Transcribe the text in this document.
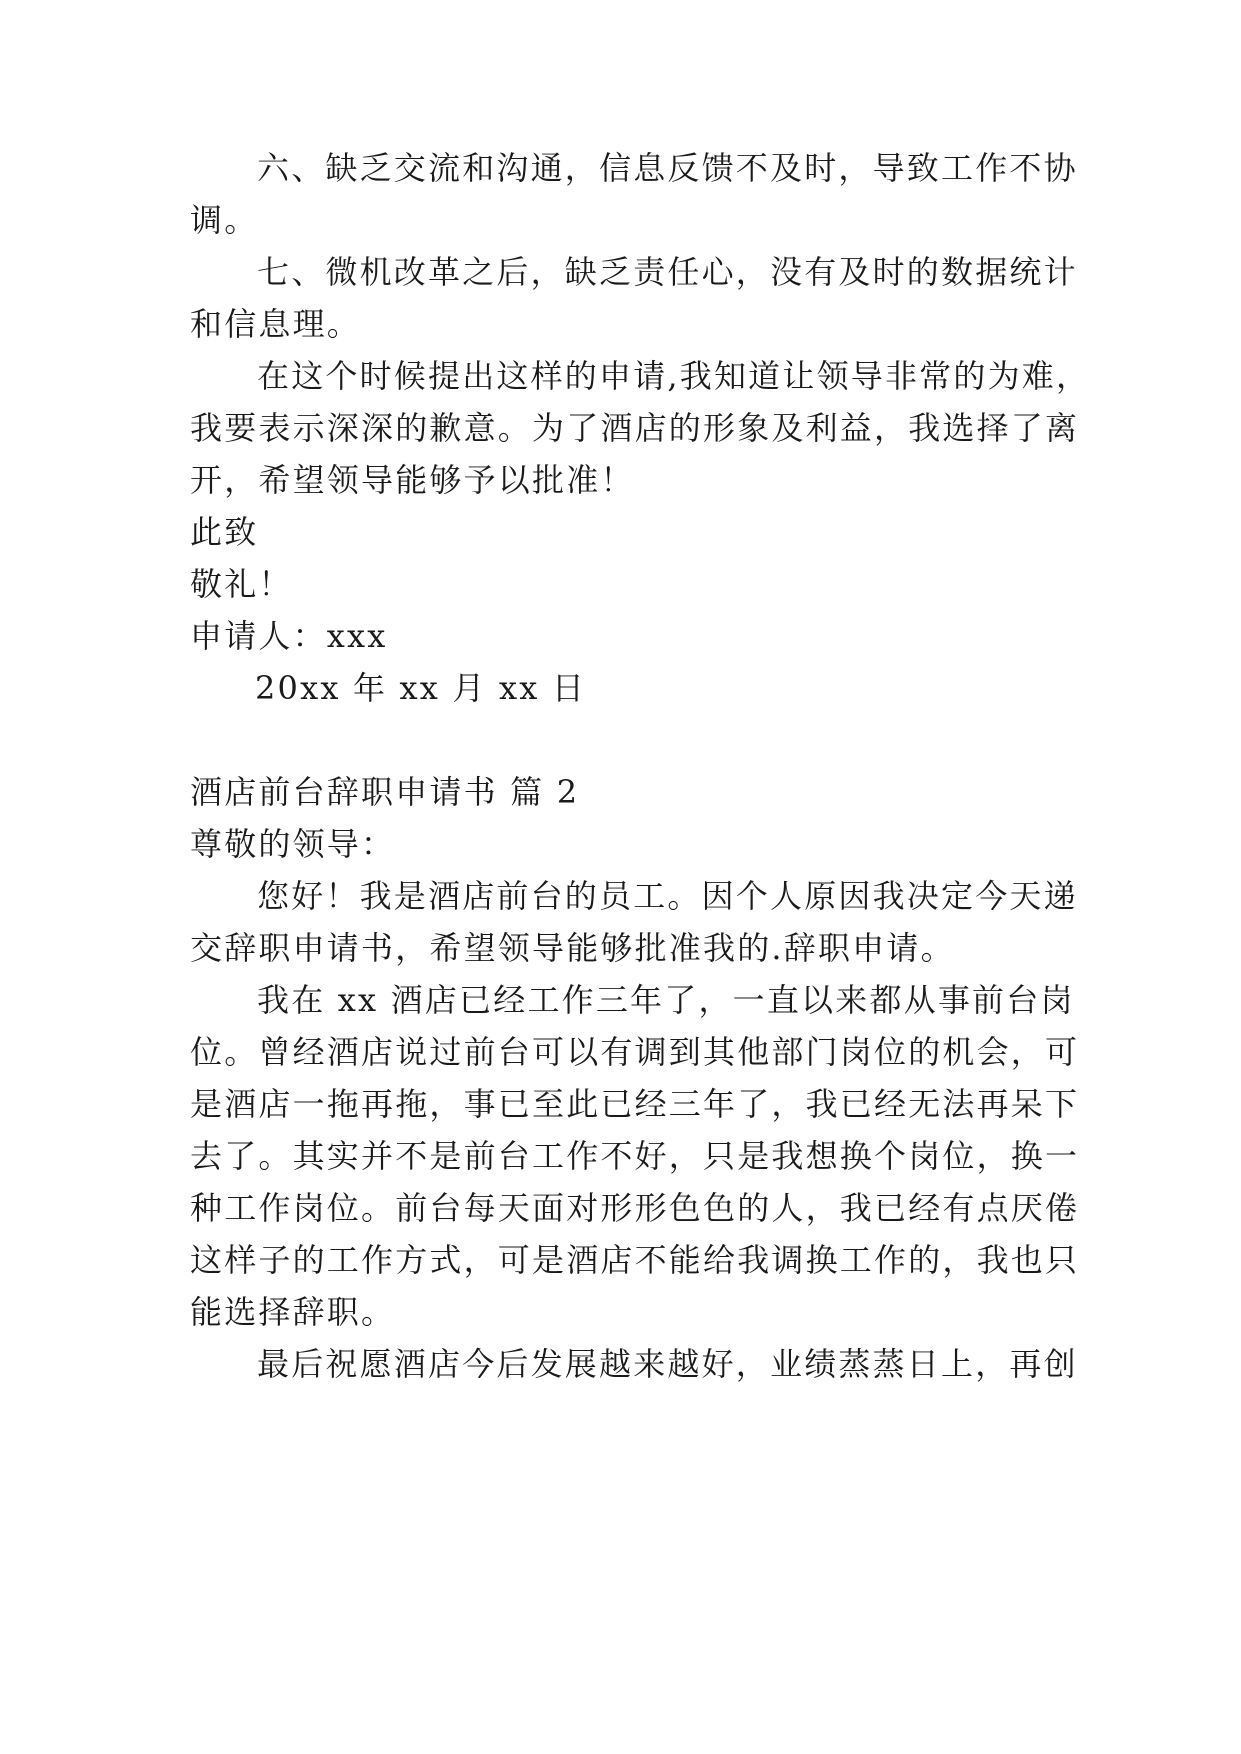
六、缺乏交流和沟通，信息反馈不及时，导致工作不协
调。
七、微机改革之后，缺乏责任心，没有及时的数据统计
和信息理。
在这个时候提出这样的申请,我知道让领导非常的为难，
我要表示深深的歉意。为了酒店的形象及利益，我选择了离
开，希望领导能够予以批准！
此致
敬礼！
申请人：xxx
20xx 年 xx 月 xx 日
酒店前台辞职申请书 篇 2
尊敬的领导：
您好！我是酒店前台的员工。因个人原因我决定今天递
交辞职申请书，希望领导能够批准我的.辞职申请。
我在 xx 酒店已经工作三年了，一直以来都从事前台岗
位。曾经酒店说过前台可以有调到其他部门岗位的机会，可
是酒店一拖再拖，事已至此已经三年了，我已经无法再呆下
去了。其实并不是前台工作不好，只是我想换个岗位，换一
种工作岗位。前台每天面对形形色色的人，我已经有点厌倦
这样子的工作方式，可是酒店不能给我调换工作的，我也只
能选择辞职。
最后祝愿酒店今后发展越来越好，业绩蒸蒸日上，再创
